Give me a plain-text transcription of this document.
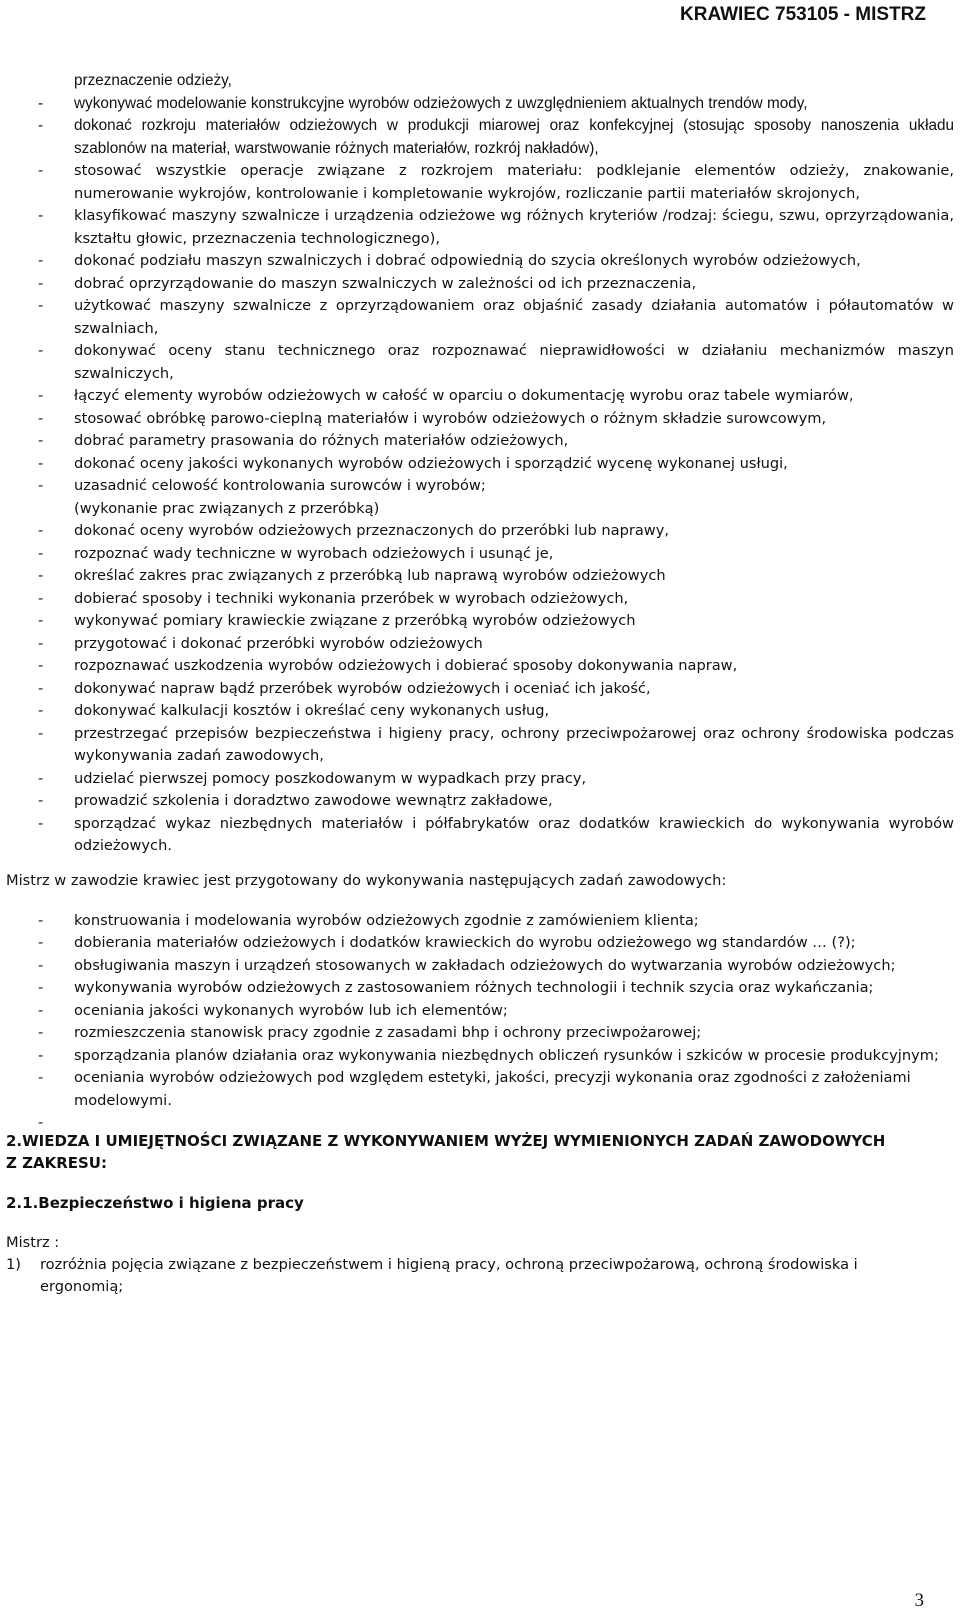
KRAWIEC 753105 - MISTRZ
przeznaczenie odzieży,
- wykonywać modelowanie konstrukcyjne wyrobów odzieżowych z uwzględnieniem aktualnych trendów mody,
- dokonać rozkroju materiałów odzieżowych w produkcji miarowej oraz konfekcyjnej (stosując sposoby nanoszenia układu szablonów na materiał, warstwowanie różnych materiałów, rozkrój nakładów),
- stosować wszystkie operacje związane z rozkrojem materiału: podklejanie elementów odzieży, znakowanie, numerowanie wykrojów, kontrolowanie i kompletowanie wykrojów, rozliczanie partii materiałów skrojonych,
- klasyfikować maszyny szwalnicze i urządzenia odzieżowe wg różnych kryteriów /rodzaj: ściegu, szwu, oprzyrządowania, kształtu głowic, przeznaczenia technologicznego),
- dokonać podziału maszyn szwalniczych i dobrać odpowiednią do szycia określonych wyrobów odzieżowych,
- dobrać oprzyrządowanie do maszyn szwalniczych w zależności od ich przeznaczenia,
- użytkować maszyny szwalnicze z oprzyrządowaniem oraz objaśnić zasady działania automatów i półautomatów w szwalniach,
- dokonywać oceny stanu technicznego oraz rozpoznawać nieprawidłowości w działaniu mechanizmów maszyn szwalniczych,
- łączyć elementy wyrobów odzieżowych w całość w oparciu o dokumentację wyrobu oraz tabele wymiarów,
- stosować obróbkę parowo-cieplną materiałów i wyrobów odzieżowych o różnym składzie surowcowym,
- dobrać parametry prasowania do różnych materiałów odzieżowych,
- dokonać oceny jakości wykonanych wyrobów odzieżowych i sporządzić wycenę wykonanej usługi,
- uzasadnić celowość kontrolowania surowców i wyrobów;
(wykonanie prac związanych z przeróbką)
- dokonać oceny wyrobów odzieżowych przeznaczonych do przeróbki lub naprawy,
- rozpoznać wady techniczne w wyrobach odzieżowych i usunąć je,
- określać zakres prac związanych z przeróbką lub naprawą wyrobów odzieżowych
- dobierać sposoby i techniki wykonania przeróbek w wyrobach odzieżowych,
- wykonywać pomiary krawieckie związane z przeróbką wyrobów odzieżowych
- przygotować i dokonać przeróbki wyrobów odzieżowych
- rozpoznawać uszkodzenia wyrobów odzieżowych i dobierać sposoby dokonywania napraw,
- dokonywać napraw bądź przeróbek wyrobów odzieżowych i oceniać ich jakość,
- dokonywać kalkulacji kosztów i określać ceny wykonanych usług,
- przestrzegać przepisów bezpieczeństwa i higieny pracy, ochrony przeciwpożarowej oraz ochrony środowiska podczas wykonywania zadań zawodowych,
- udzielać pierwszej pomocy poszkodowanym w wypadkach przy pracy,
- prowadzić szkolenia i doradztwo zawodowe wewnątrz zakładowe,
- sporządzać wykaz niezbędnych materiałów i półfabrykatów oraz dodatków krawieckich do wykonywania wyrobów odzieżowych.
Mistrz w zawodzie krawiec jest przygotowany do wykonywania następujących zadań zawodowych:
- konstruowania i modelowania wyrobów odzieżowych zgodnie z zamówieniem klienta;
- dobierania materiałów odzieżowych i dodatków krawieckich do wyrobu odzieżowego wg standardów … (?);
- obsługiwania maszyn i urządzeń stosowanych w zakładach odzieżowych do wytwarzania wyrobów odzieżowych;
- wykonywania wyrobów odzieżowych z zastosowaniem różnych technologii i technik szycia oraz wykańczania;
- oceniania jakości wykonanych wyrobów lub ich elementów;
- rozmieszczenia stanowisk pracy zgodnie z zasadami bhp i ochrony przeciwpożarowej;
- sporządzania planów działania oraz wykonywania niezbędnych obliczeń rysunków i szkiców w procesie produkcyjnym;
- oceniania wyrobów odzieżowych pod względem estetyki, jakości, precyzji wykonania oraz zgodności z założeniami modelowymi.
-
2.WIEDZA I UMIEJĘTNOŚCI ZWIĄZANE Z WYKONYWANIEM WYŻEJ WYMIENIONYCH ZADAŃ ZAWODOWYCH Z ZAKRESU:
2.1.Bezpieczeństwo i higiena pracy
Mistrz :
1) rozróżnia pojęcia związane z bezpieczeństwem i higieną pracy, ochroną przeciwpożarową, ochroną środowiska i ergonomią;
3
